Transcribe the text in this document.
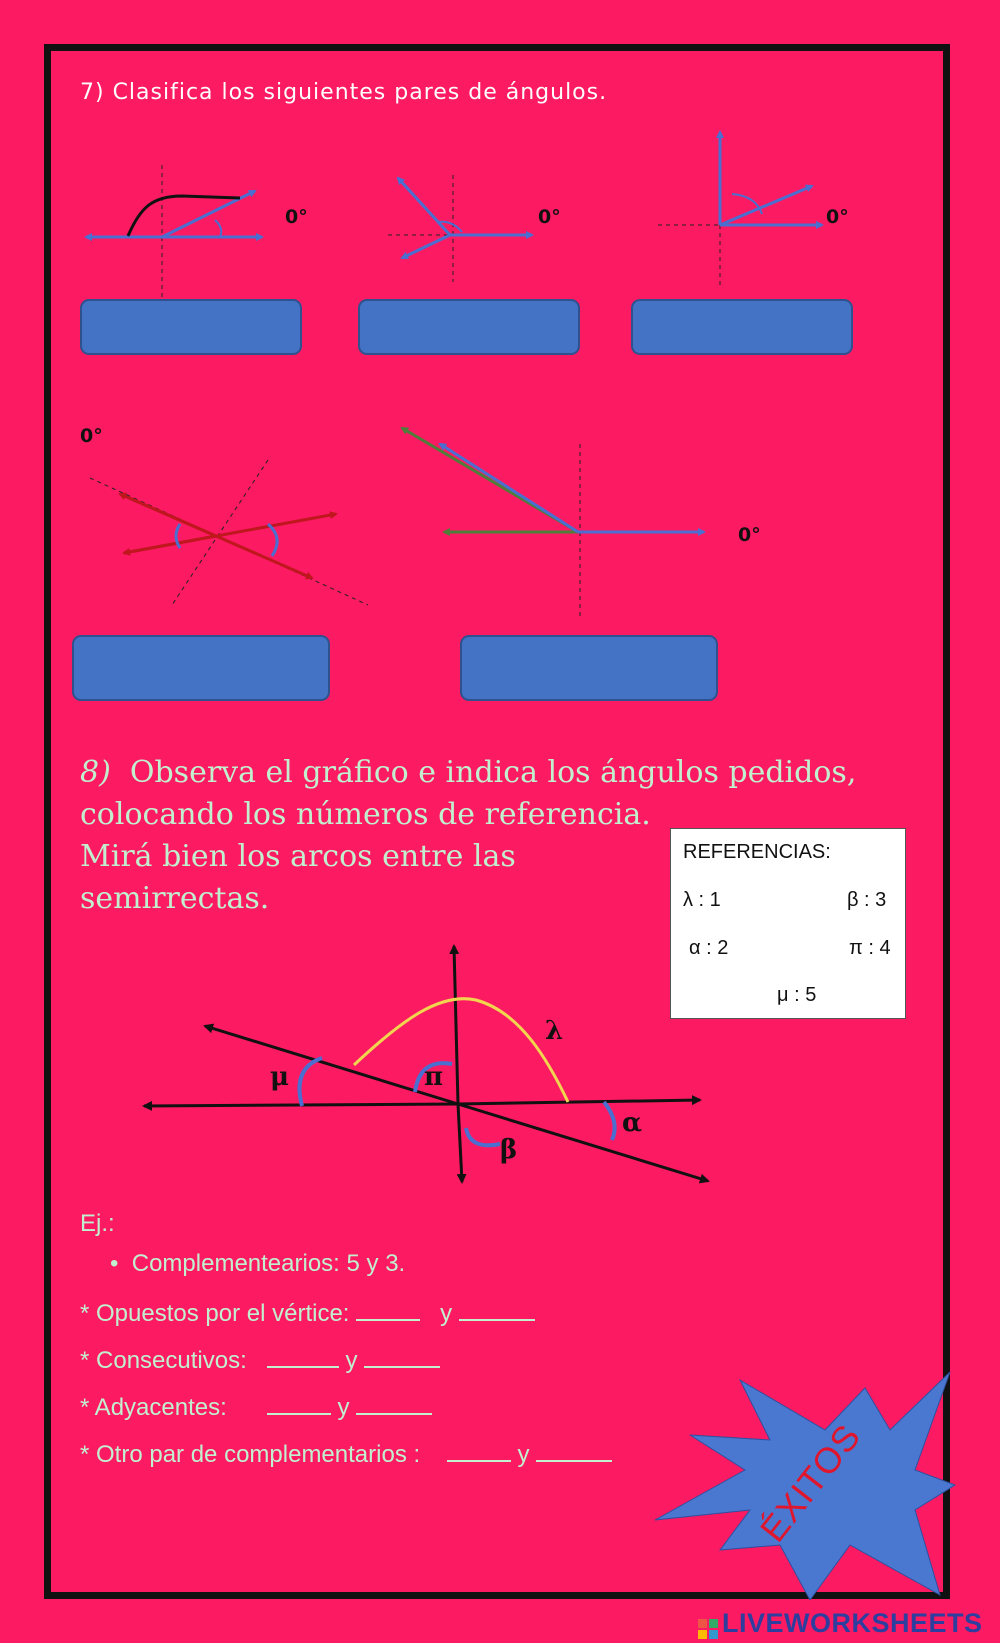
7) Clasifica los siguientes pares de ángulos.
0°	0°	0°
0°
0°
8) Observa el gráfico e indica los ángulos pedidos,
colocando los números de referencia.
Mirá bien los arcos entre las
semirrectas.
REFERENCIAS:
λ : 1	β : 3
α : 2	π : 4
μ : 5
μ	π
λ
α
β
Ej.:
•  Complementearios: 5 y 3.
* Opuestos por el vértice:	y
* Consecutivos:	y
* Adyacentes:	y
* Otro par de complementarios :	y	ÉXITOS
LIVEWORKSHEETS
